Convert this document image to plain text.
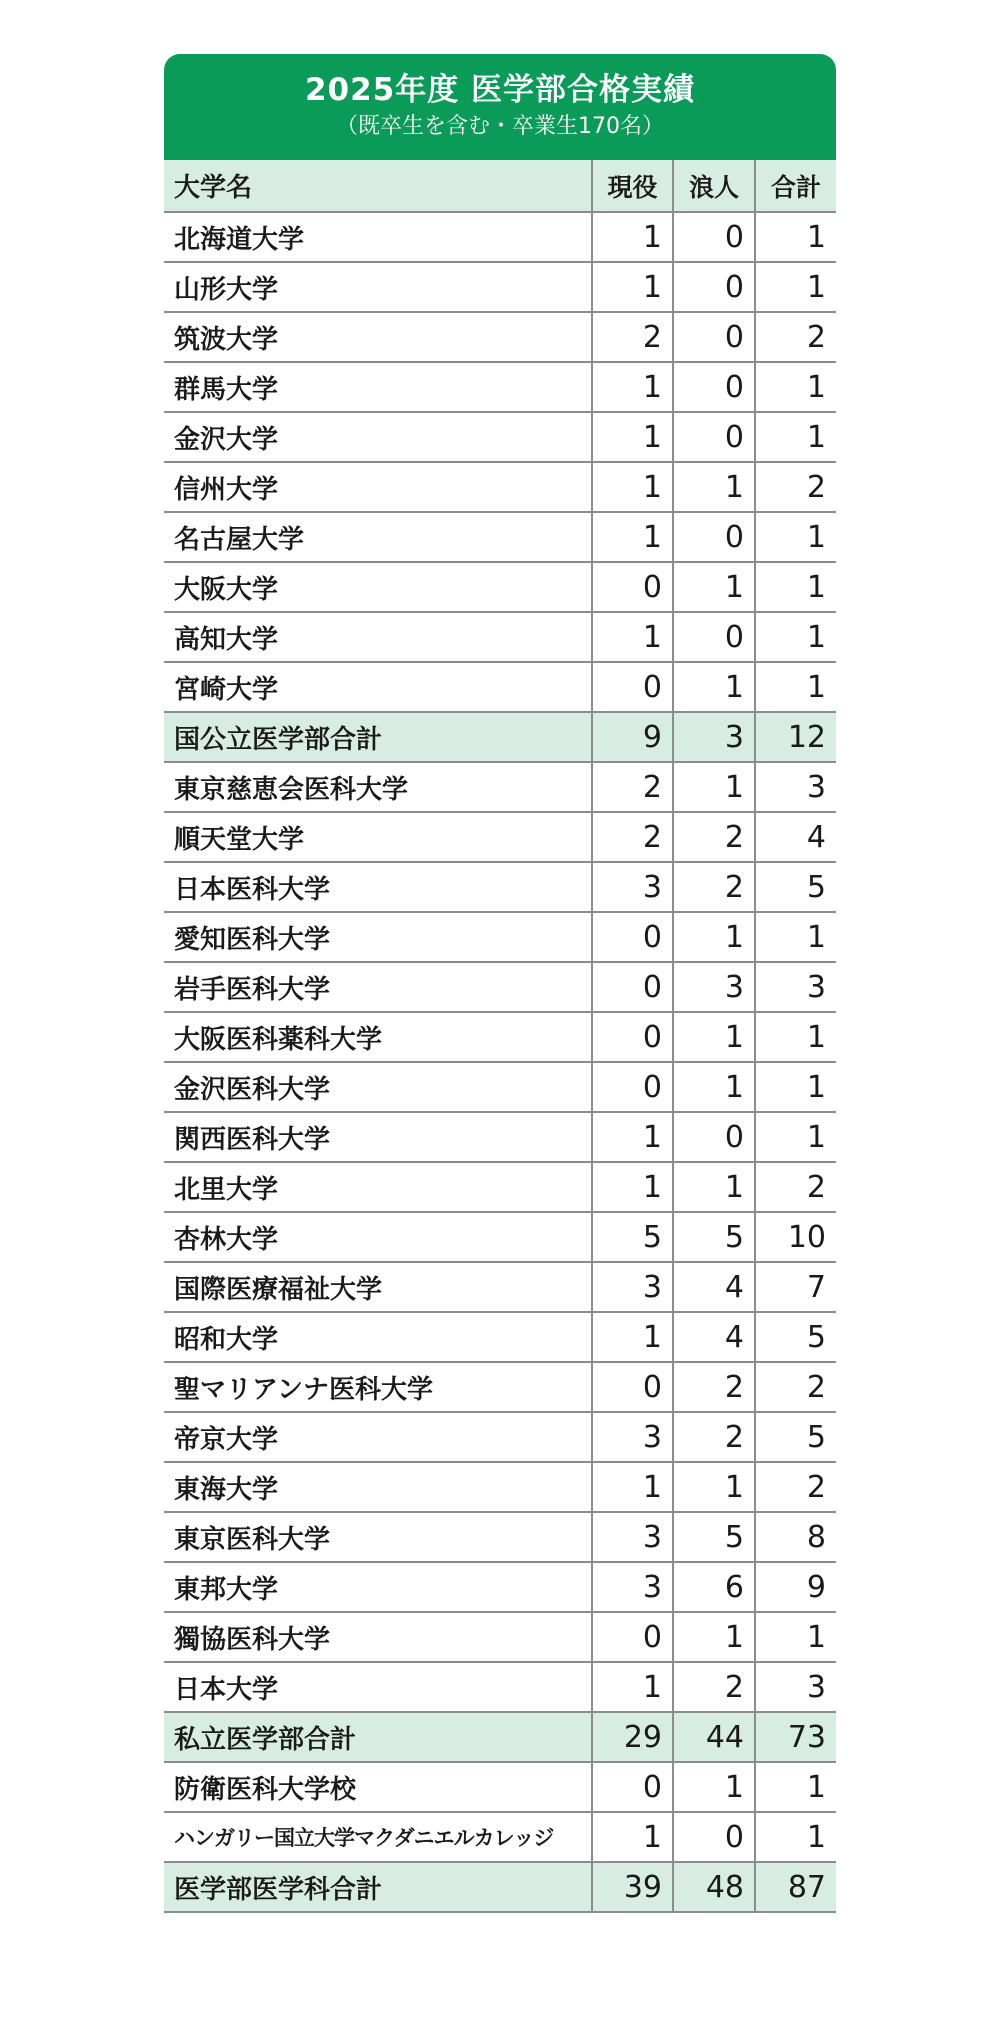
2025年度 医学部合格実績
（既卒生を含む・卒業生170名）
大学名	現役	浪人	合計
北海道大学	1	0	1
山形大学	1	0	1
筑波大学	2	0	2
群馬大学	1	0	1
金沢大学	1	0	1
信州大学	1	1	2
名古屋大学	1	0	1
大阪大学	0	1	1
高知大学	1	0	1
宮崎大学	0	1	1
国公立医学部合計	9	3	12
東京慈恵会医科大学	2	1	3
順天堂大学	2	2	4
日本医科大学	3	2	5
愛知医科大学	0	1	1
岩手医科大学	0	3	3
大阪医科薬科大学	0	1	1
金沢医科大学	0	1	1
関西医科大学	1	0	1
北里大学	1	1	2
杏林大学	5	5	10
国際医療福祉大学	3	4	7
昭和大学	1	4	5
聖マリアンナ医科大学	0	2	2
帝京大学	3	2	5
東海大学	1	1	2
東京医科大学	3	5	8
東邦大学	3	6	9
獨協医科大学	0	1	1
日本大学	1	2	3
私立医学部合計	29	44	73
防衛医科大学校	0	1	1
ハンガリー国立大学マクダニエルカレッジ	1	0	1
医学部医学科合計	39	48	87
